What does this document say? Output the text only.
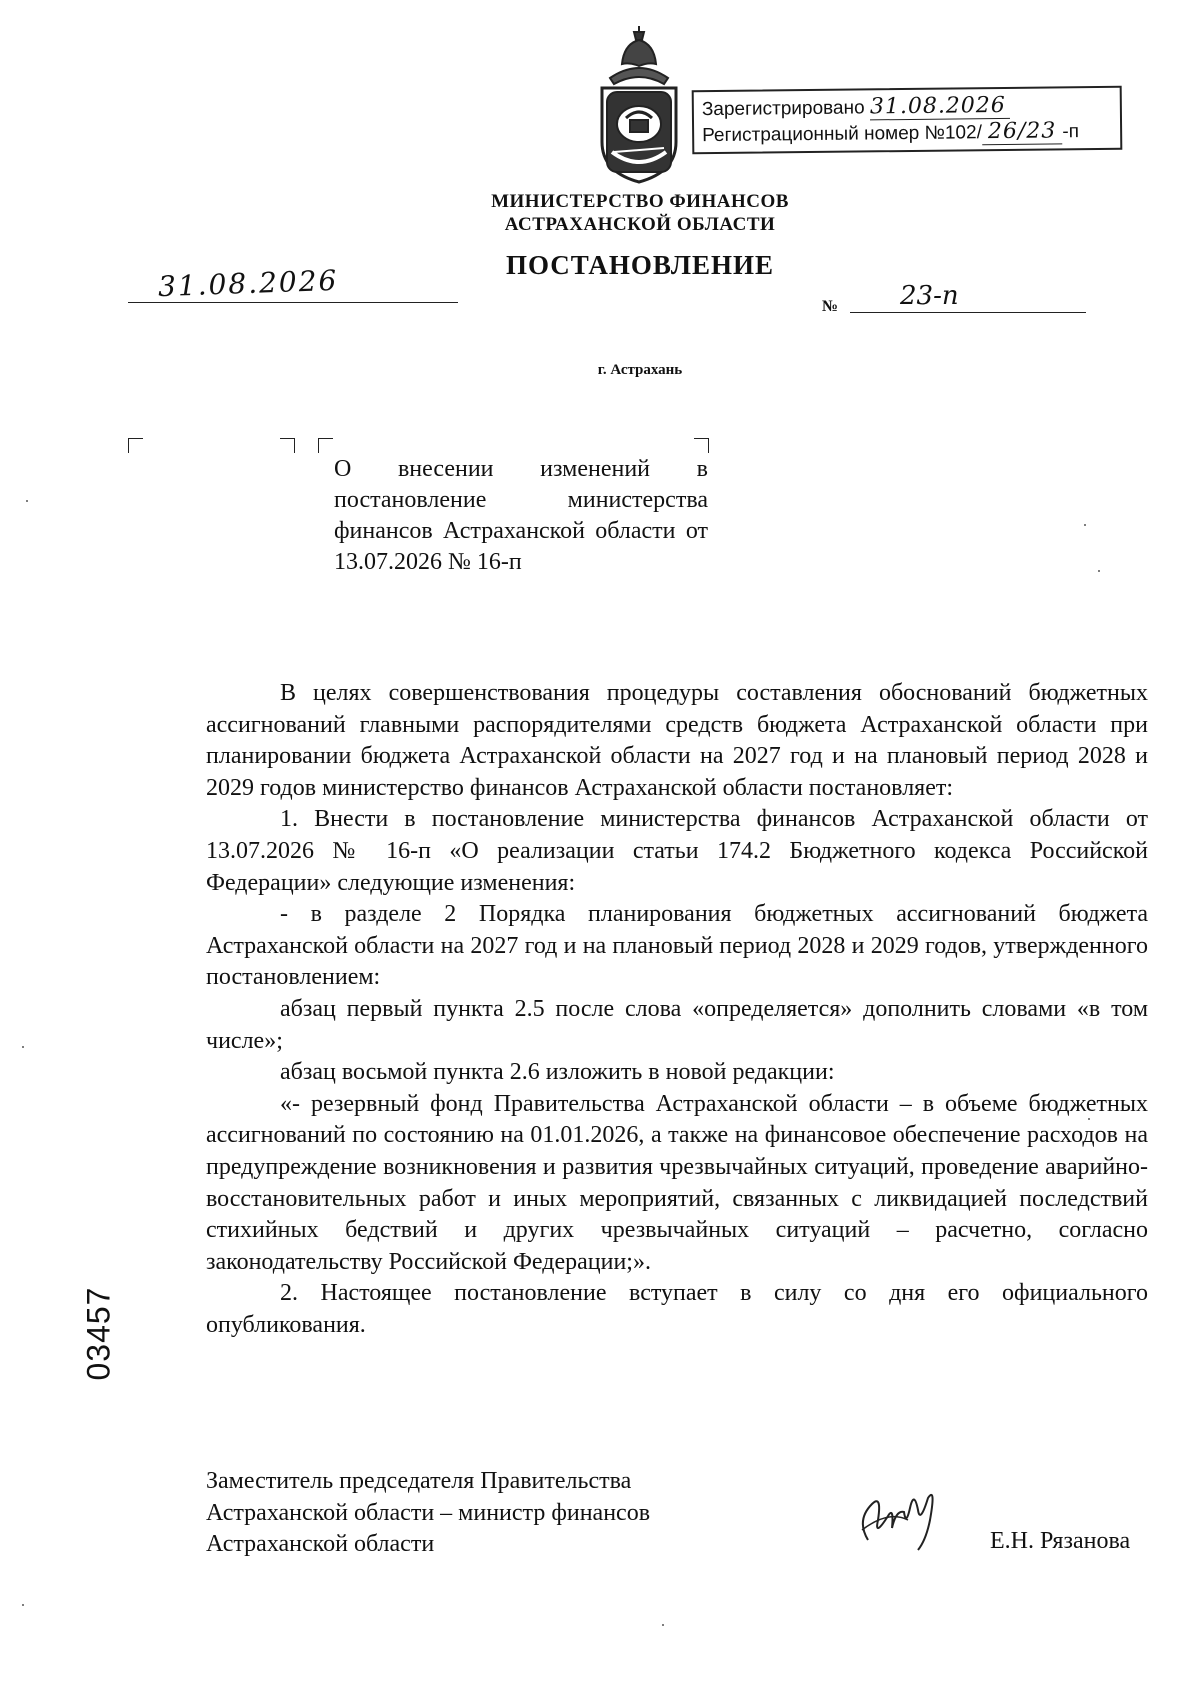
Зарегистрировано 31.08.2026
Регистрационный номер №102/ 26/23 -п
МИНИСТЕРСТВО ФИНАНСОВ
АСТРАХАНСКОЙ ОБЛАСТИ
ПОСТАНОВЛЕНИЕ
31.08.2026
№ 23-п
г. Астрахань
О внесении изменений в постановление министерства финансов Астраханской области от 13.07.2026 № 16-п

В целях совершенствования процедуры составления обоснований бюджетных ассигнований главными распорядителями средств бюджета Астраханской области при планировании бюджета Астраханской области на 2027 год и на плановый период 2028 и 2029 годов министерство финансов Астраханской области постановляет:

1. Внести в постановление министерства финансов Астраханской области от 13.07.2026 № 16-п «О реализации статьи 174.2 Бюджетного кодекса Российской Федерации» следующие изменения:

- в разделе 2 Порядка планирования бюджетных ассигнований бюджета Астраханской области на 2027 год и на плановый период 2028 и 2029 годов, утвержденного постановлением:

абзац первый пункта 2.5 после слова «определяется» дополнить словами «в том числе»;

абзац восьмой пункта 2.6 изложить в новой редакции:

«- резервный фонд Правительства Астраханской области – в объеме бюджетных ассигнований по состоянию на 01.01.2026, а также на финансовое обеспечение расходов на предупреждение возникновения и развития чрезвычайных ситуаций, проведение аварийно-восстановительных работ и иных мероприятий, связанных с ликвидацией последствий стихийных бедствий и других чрезвычайных ситуаций – расчетно, согласно законодательству Российской Федерации;».

2. Настоящее постановление вступает в силу со дня его официального опубликования.

Заместитель председателя Правительства
Астраханской области – министр финансов
Астраханской области	Е.Н. Рязанова
03457
